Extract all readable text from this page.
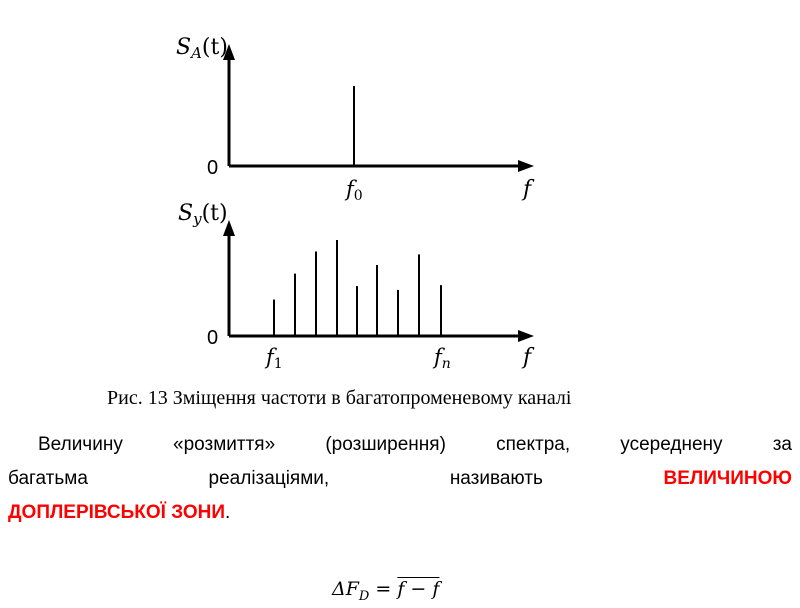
SA(t)
0
f
f0
Sy(t)
0
f
f1	fn
Рис. 13 Зміщення частоти в багатопроменевому каналі
Величину «розмиття» (розширення) спектра, усереднену за
багатьма реалізаціями, називають	ВЕЛИЧИНОЮ
ДОПЛЕРІВСЬКОЇ ЗОНИ.
$\Delta F_D = f - f$
